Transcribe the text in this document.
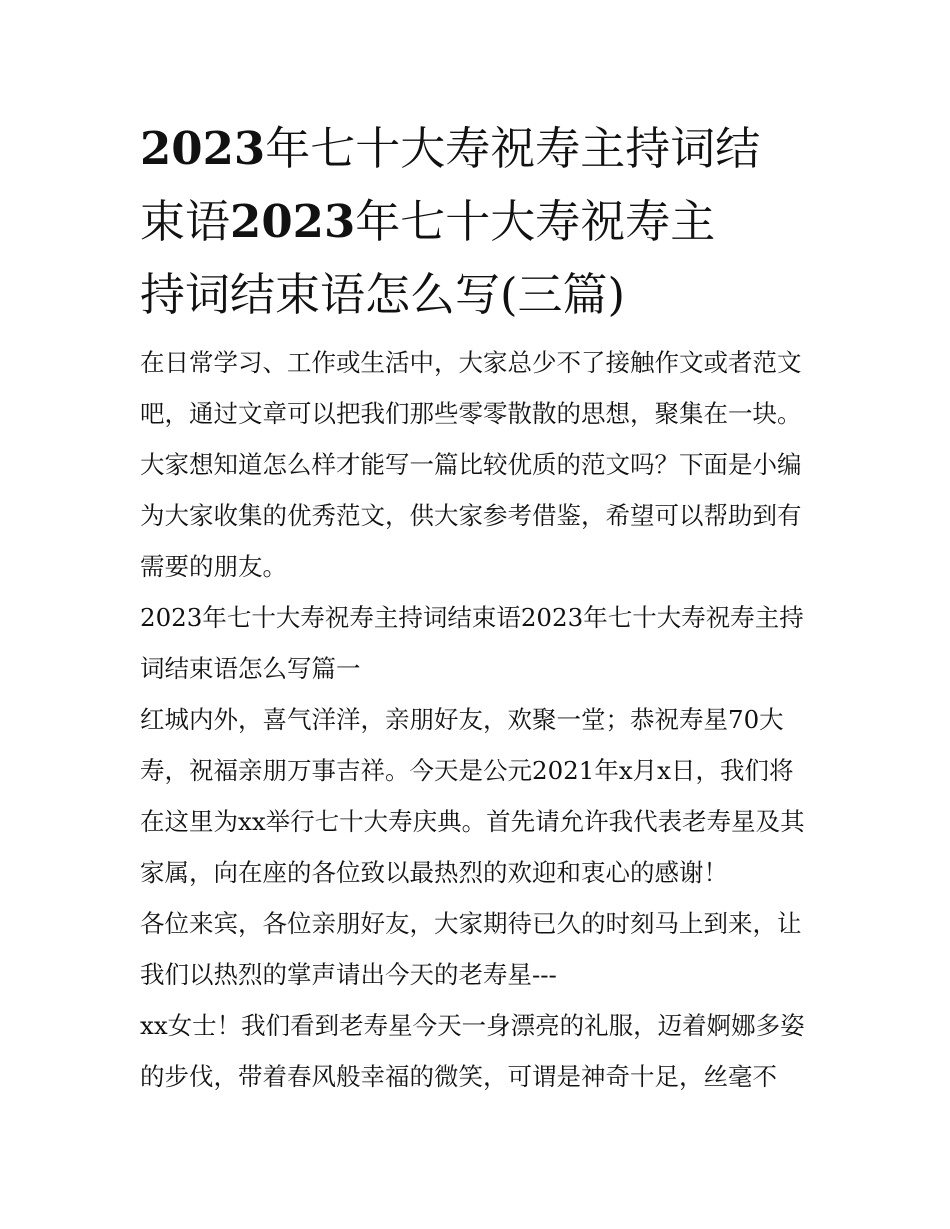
2023年七十大寿祝寿主持词结
束语2023年七十大寿祝寿主
持词结束语怎么写(三篇)

在日常学习、工作或生活中，大家总少不了接触作文或者范文吧，通过文章可以把我们那些零零散散的思想，聚集在一块。大家想知道怎么样才能写一篇比较优质的范文吗？下面是小编为大家收集的优秀范文，供大家参考借鉴，希望可以帮助到有需要的朋友。

2023年七十大寿祝寿主持词结束语2023年七十大寿祝寿主持词结束语怎么写篇一

红城内外，喜气洋洋，亲朋好友，欢聚一堂；恭祝寿星70大寿，祝福亲朋万事吉祥。今天是公元2021年x月x日，我们将在这里为xx举行七十大寿庆典。首先请允许我代表老寿星及其家属，向在座的各位致以最热烈的欢迎和衷心的感谢！

各位来宾，各位亲朋好友，大家期待已久的时刻马上到来，让我们以热烈的掌声请出今天的老寿星---

xx女士！我们看到老寿星今天一身漂亮的礼服，迈着婀娜多姿的步伐，带着春风般幸福的微笑，可谓是神奇十足，丝毫不
